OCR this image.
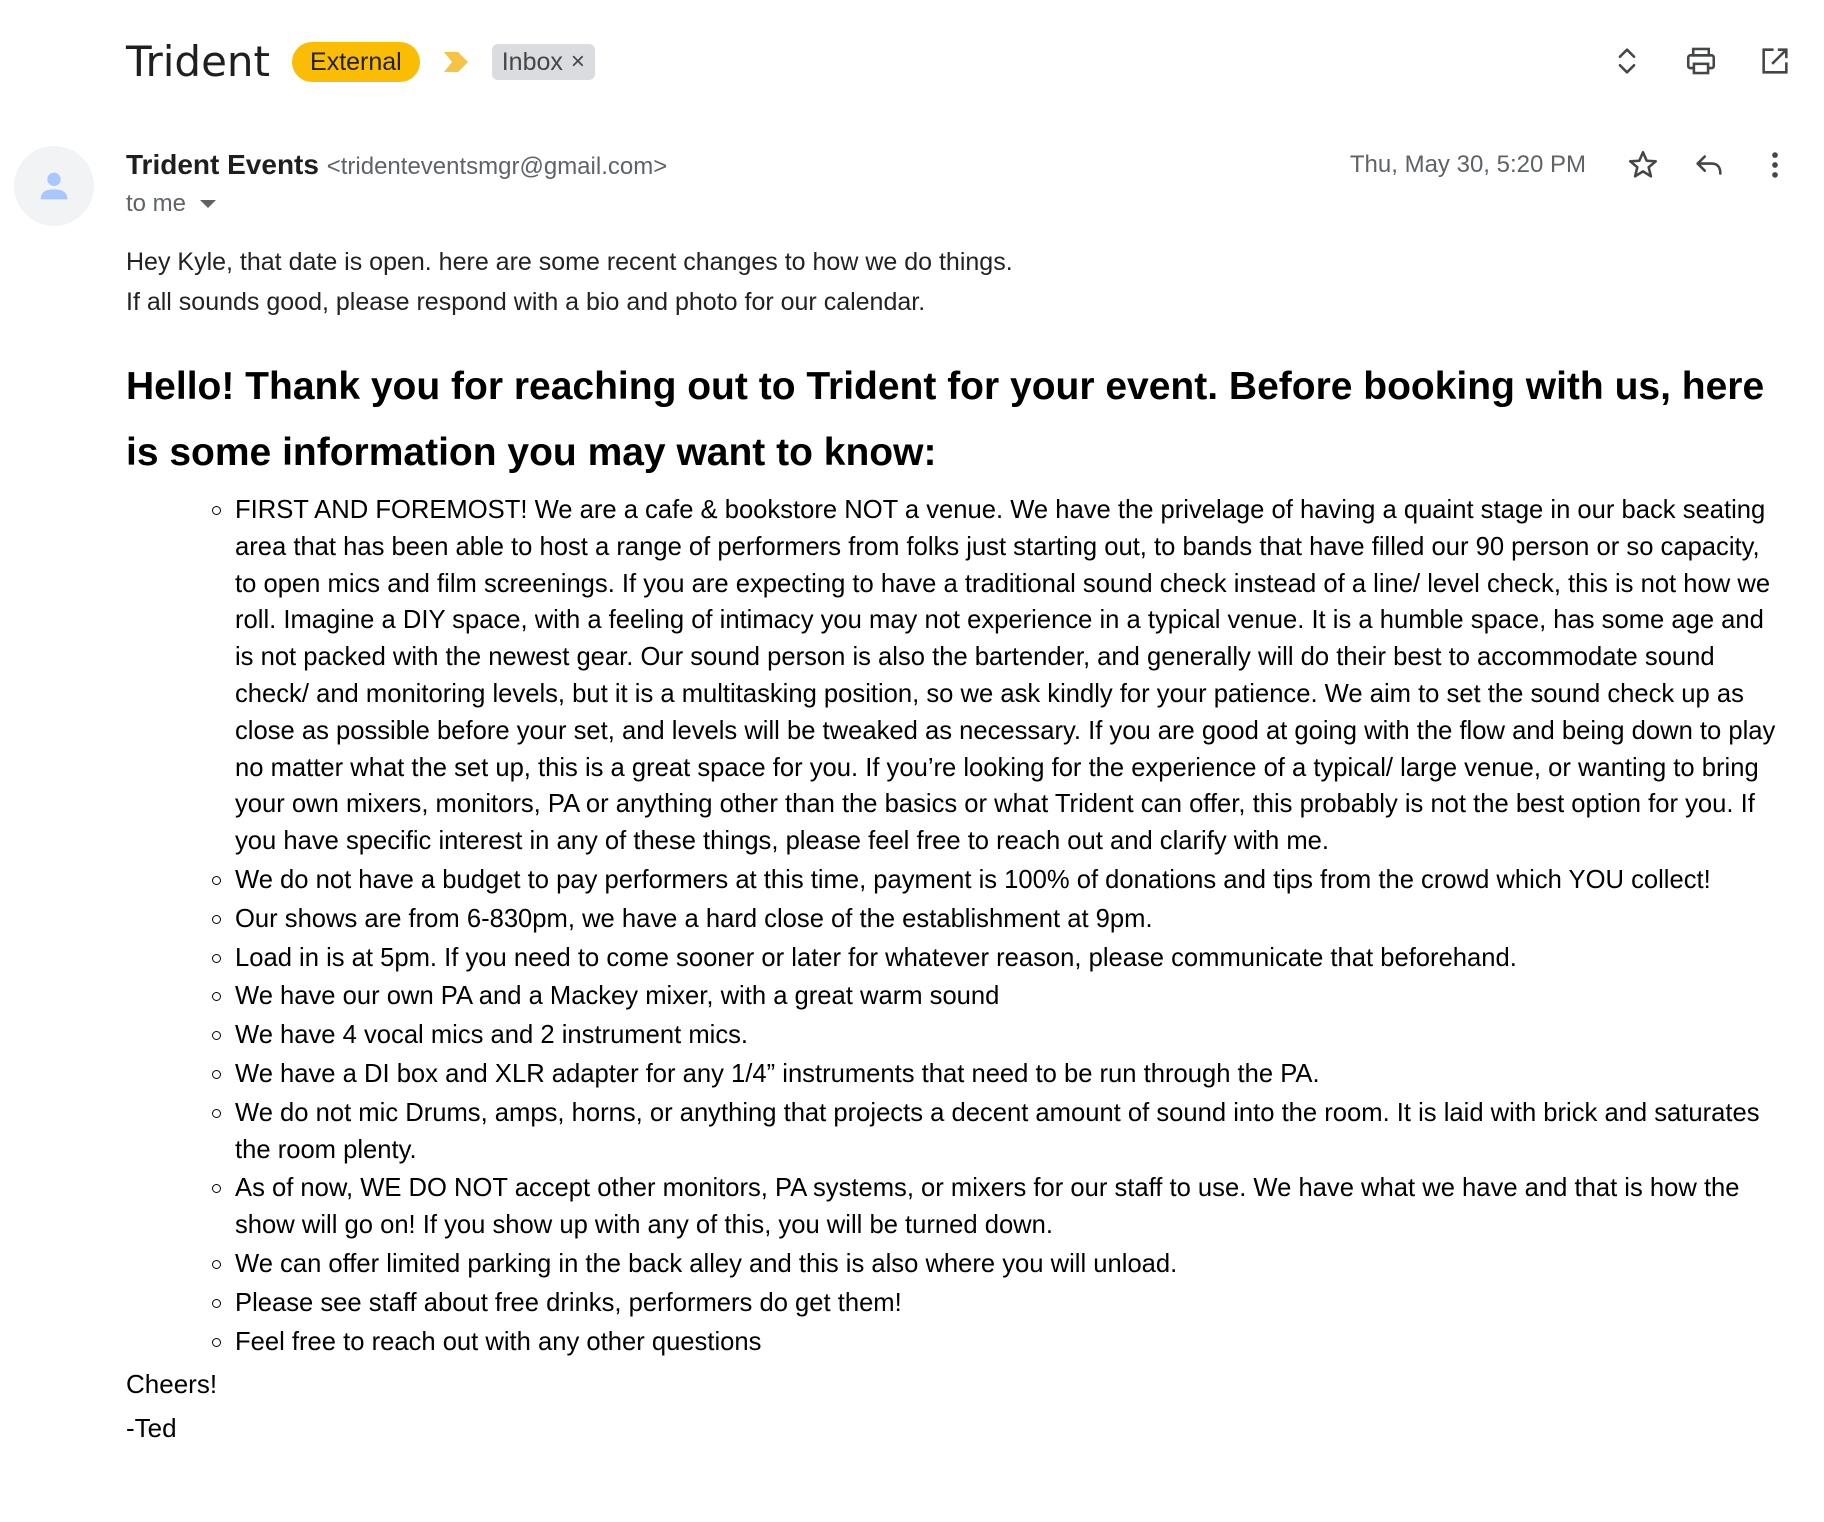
Trident	External	Inbox ×
Trident Events <tridenteventsmgr@gmail.com>
to me
Thu, May 30, 5:20 PM

Hey Kyle, that date is open. here are some recent changes to how we do things.

If all sounds good, please respond with a bio and photo for our calendar.

Hello! Thank you for reaching out to Trident for your event. Before booking with us, here is some information you may want to know:
FIRST AND FOREMOST! We are a cafe & bookstore NOT a venue. We have the privelage of having a quaint stage in our back seating area that has been able to host a range of performers from folks just starting out, to bands that have filled our 90 person or so capacity, to open mics and film screenings. If you are expecting to have a traditional sound check instead of a line/ level check, this is not how we roll. Imagine a DIY space, with a feeling of intimacy you may not experience in a typical venue. It is a humble space, has some age and is not packed with the newest gear. Our sound person is also the bartender, and generally will do their best to accommodate sound check/ and monitoring levels, but it is a multitasking position, so we ask kindly for your patience. We aim to set the sound check up as close as possible before your set, and levels will be tweaked as necessary. If you are good at going with the flow and being down to play no matter what the set up, this is a great space for you. If you’re looking for the experience of a typical/ large venue, or wanting to bring your own mixers, monitors, PA or anything other than the basics or what Trident can offer, this probably is not the best option for you. If you have specific interest in any of these things, please feel free to reach out and clarify with me.
We do not have a budget to pay performers at this time, payment is 100% of donations and tips from the crowd which YOU collect!
Our shows are from 6-830pm, we have a hard close of the establishment at 9pm.
Load in is at 5pm. If you need to come sooner or later for whatever reason, please communicate that beforehand.
We have our own PA and a Mackey mixer, with a great warm sound
We have 4 vocal mics and 2 instrument mics.
We have a DI box and XLR adapter for any 1/4” instruments that need to be run through the PA.
We do not mic Drums, amps, horns, or anything that projects a decent amount of sound into the room. It is laid with brick and saturates the room plenty.
As of now, WE DO NOT accept other monitors, PA systems, or mixers for our staff to use. We have what we have and that is how the show will go on! If you show up with any of this, you will be turned down.
We can offer limited parking in the back alley and this is also where you will unload.
Please see staff about free drinks, performers do get them!
Feel free to reach out with any other questions
Cheers!
-Ted
